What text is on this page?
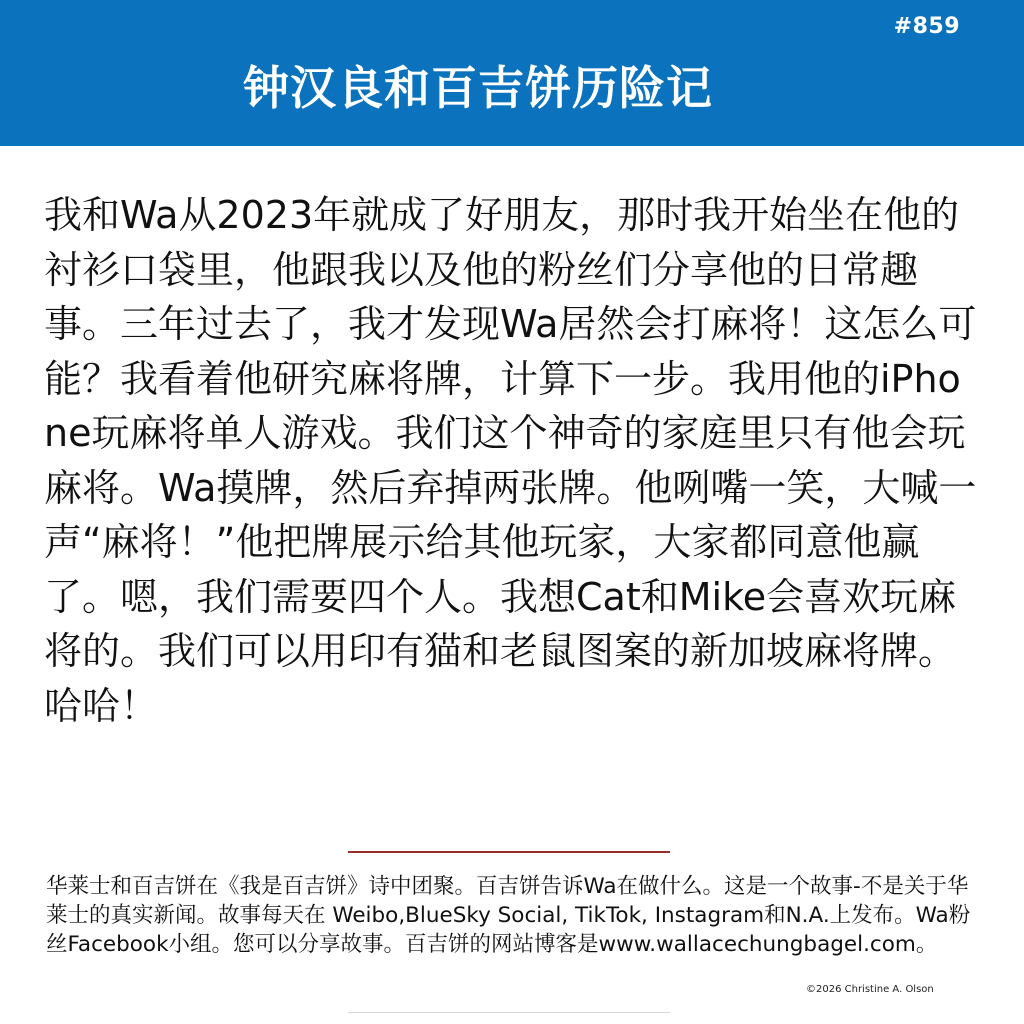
#859
钟汉良和百吉饼历险记
我和Wa从2023年就成了好朋友，那时我开始坐在他的衬衫口袋里，他跟我以及他的粉丝们分享他的日常趣事。三年过去了，我才发现Wa居然会打麻将！这怎么可能？我看着他研究麻将牌，计算下一步。我用他的iPhone玩麻将单人游戏。我们这个神奇的家庭里只有他会玩麻将。Wa摸牌，然后弃掉两张牌。他咧嘴一笑，大喊一声“麻将！”他把牌展示给其他玩家，大家都同意他赢了。嗯，我们需要四个人。我想Cat和Mike会喜欢玩麻将的。我们可以用印有猫和老鼠图案的新加坡麻将牌。哈哈！
华莱士和百吉饼在《我是百吉饼》诗中团聚。百吉饼告诉Wa在做什么。这是一个故事-不是关于华莱士的真实新闻。故事每天在 Weibo,BlueSky Social, TikTok, Instagram和N.A.上发布。Wa粉丝Facebook小组。您可以分享故事。百吉饼的网站博客是www.wallacechungbagel.com。
©2026 Christine A. Olson
